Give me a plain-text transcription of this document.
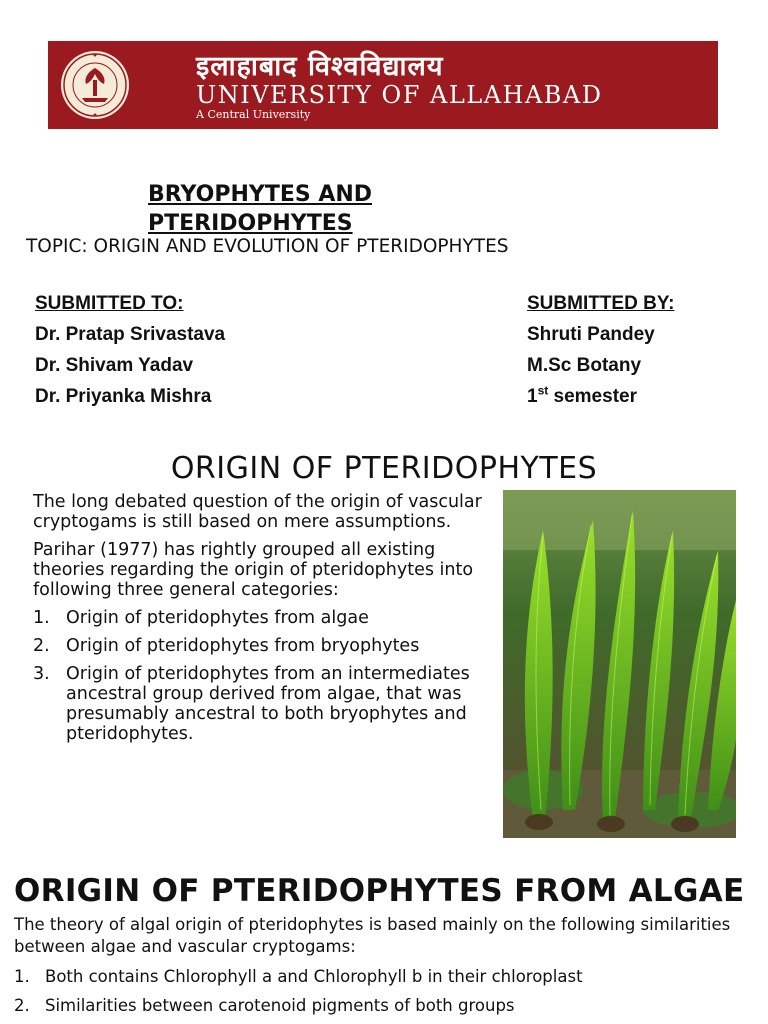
इलाहाबाद विश्वविद्यालय
UNIVERSITY OF ALLAHABAD
A Central University
BRYOPHYTES AND PTERIDOPHYTES
TOPIC: ORIGIN AND EVOLUTION OF PTERIDOPHYTES
SUBMITTED TO:
Dr. Pratap Srivastava
Dr. Shivam Yadav
Dr. Priyanka Mishra
SUBMITTED BY:
Shruti Pandey
M.Sc Botany
1st semester
ORIGIN OF PTERIDOPHYTES

The long debated question of the origin of vascular cryptogams is still based on mere assumptions.

Parihar (1977) has rightly grouped all existing theories regarding the origin of pteridophytes into following three general categories:

1. Origin of pteridophytes from algae
2. Origin of pteridophytes from bryophytes
3. Origin of pteridophytes from an intermediates ancestral group derived from algae, that was presumably ancestral to both bryophytes and pteridophytes.
ORIGIN OF PTERIDOPHYTES FROM ALGAE

The theory of algal origin of pteridophytes is based mainly on the following similarities between algae and vascular cryptogams:

1. Both contains Chlorophyll a and Chlorophyll b in their chloroplast
2. Similarities between carotenoid pigments of both groups
